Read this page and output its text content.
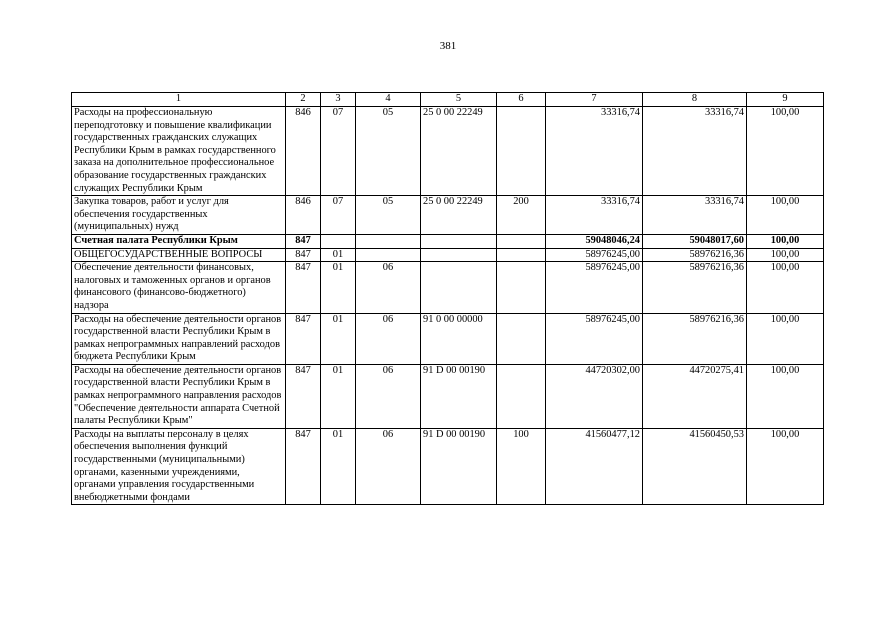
381
1	2	3	4	5	6	7	8	9
Расходы на профессиональную переподготовку и повышение квалификации государственных гражданских служащих Республики Крым в рамках государственного заказа на дополнительное профессиональное образование государственных гражданских служащих Республики Крым	846	07	05	25 0 00 22249		33316,74	33316,74	100,00
Закупка товаров, работ и услуг для обеспечения государственных (муниципальных) нужд	846	07	05	25 0 00 22249	200	33316,74	33316,74	100,00
Счетная палата Республики Крым	847					59048046,24	59048017,60	100,00
ОБЩЕГОСУДАРСТВЕННЫЕ ВОПРОСЫ	847	01				58976245,00	58976216,36	100,00
Обеспечение деятельности финансовых, налоговых и таможенных органов и органов финансового (финансово-бюджетного) надзора	847	01	06			58976245,00	58976216,36	100,00
Расходы на обеспечение деятельности органов государственной власти Республики Крым в рамках непрограммных направлений расходов бюджета Республики Крым	847	01	06	91 0 00 00000		58976245,00	58976216,36	100,00
Расходы на обеспечение деятельности органов государственной власти Республики Крым в рамках непрограммного направления расходов "Обеспечение деятельности аппарата Счетной палаты Республики Крым"	847	01	06	91 D 00 00190		44720302,00	44720275,41	100,00
Расходы на выплаты персоналу в целях обеспечения выполнения функций государственными (муниципальными) органами, казенными учреждениями, органами управления государственными внебюджетными фондами	847	01	06	91 D 00 00190	100	41560477,12	41560450,53	100,00
